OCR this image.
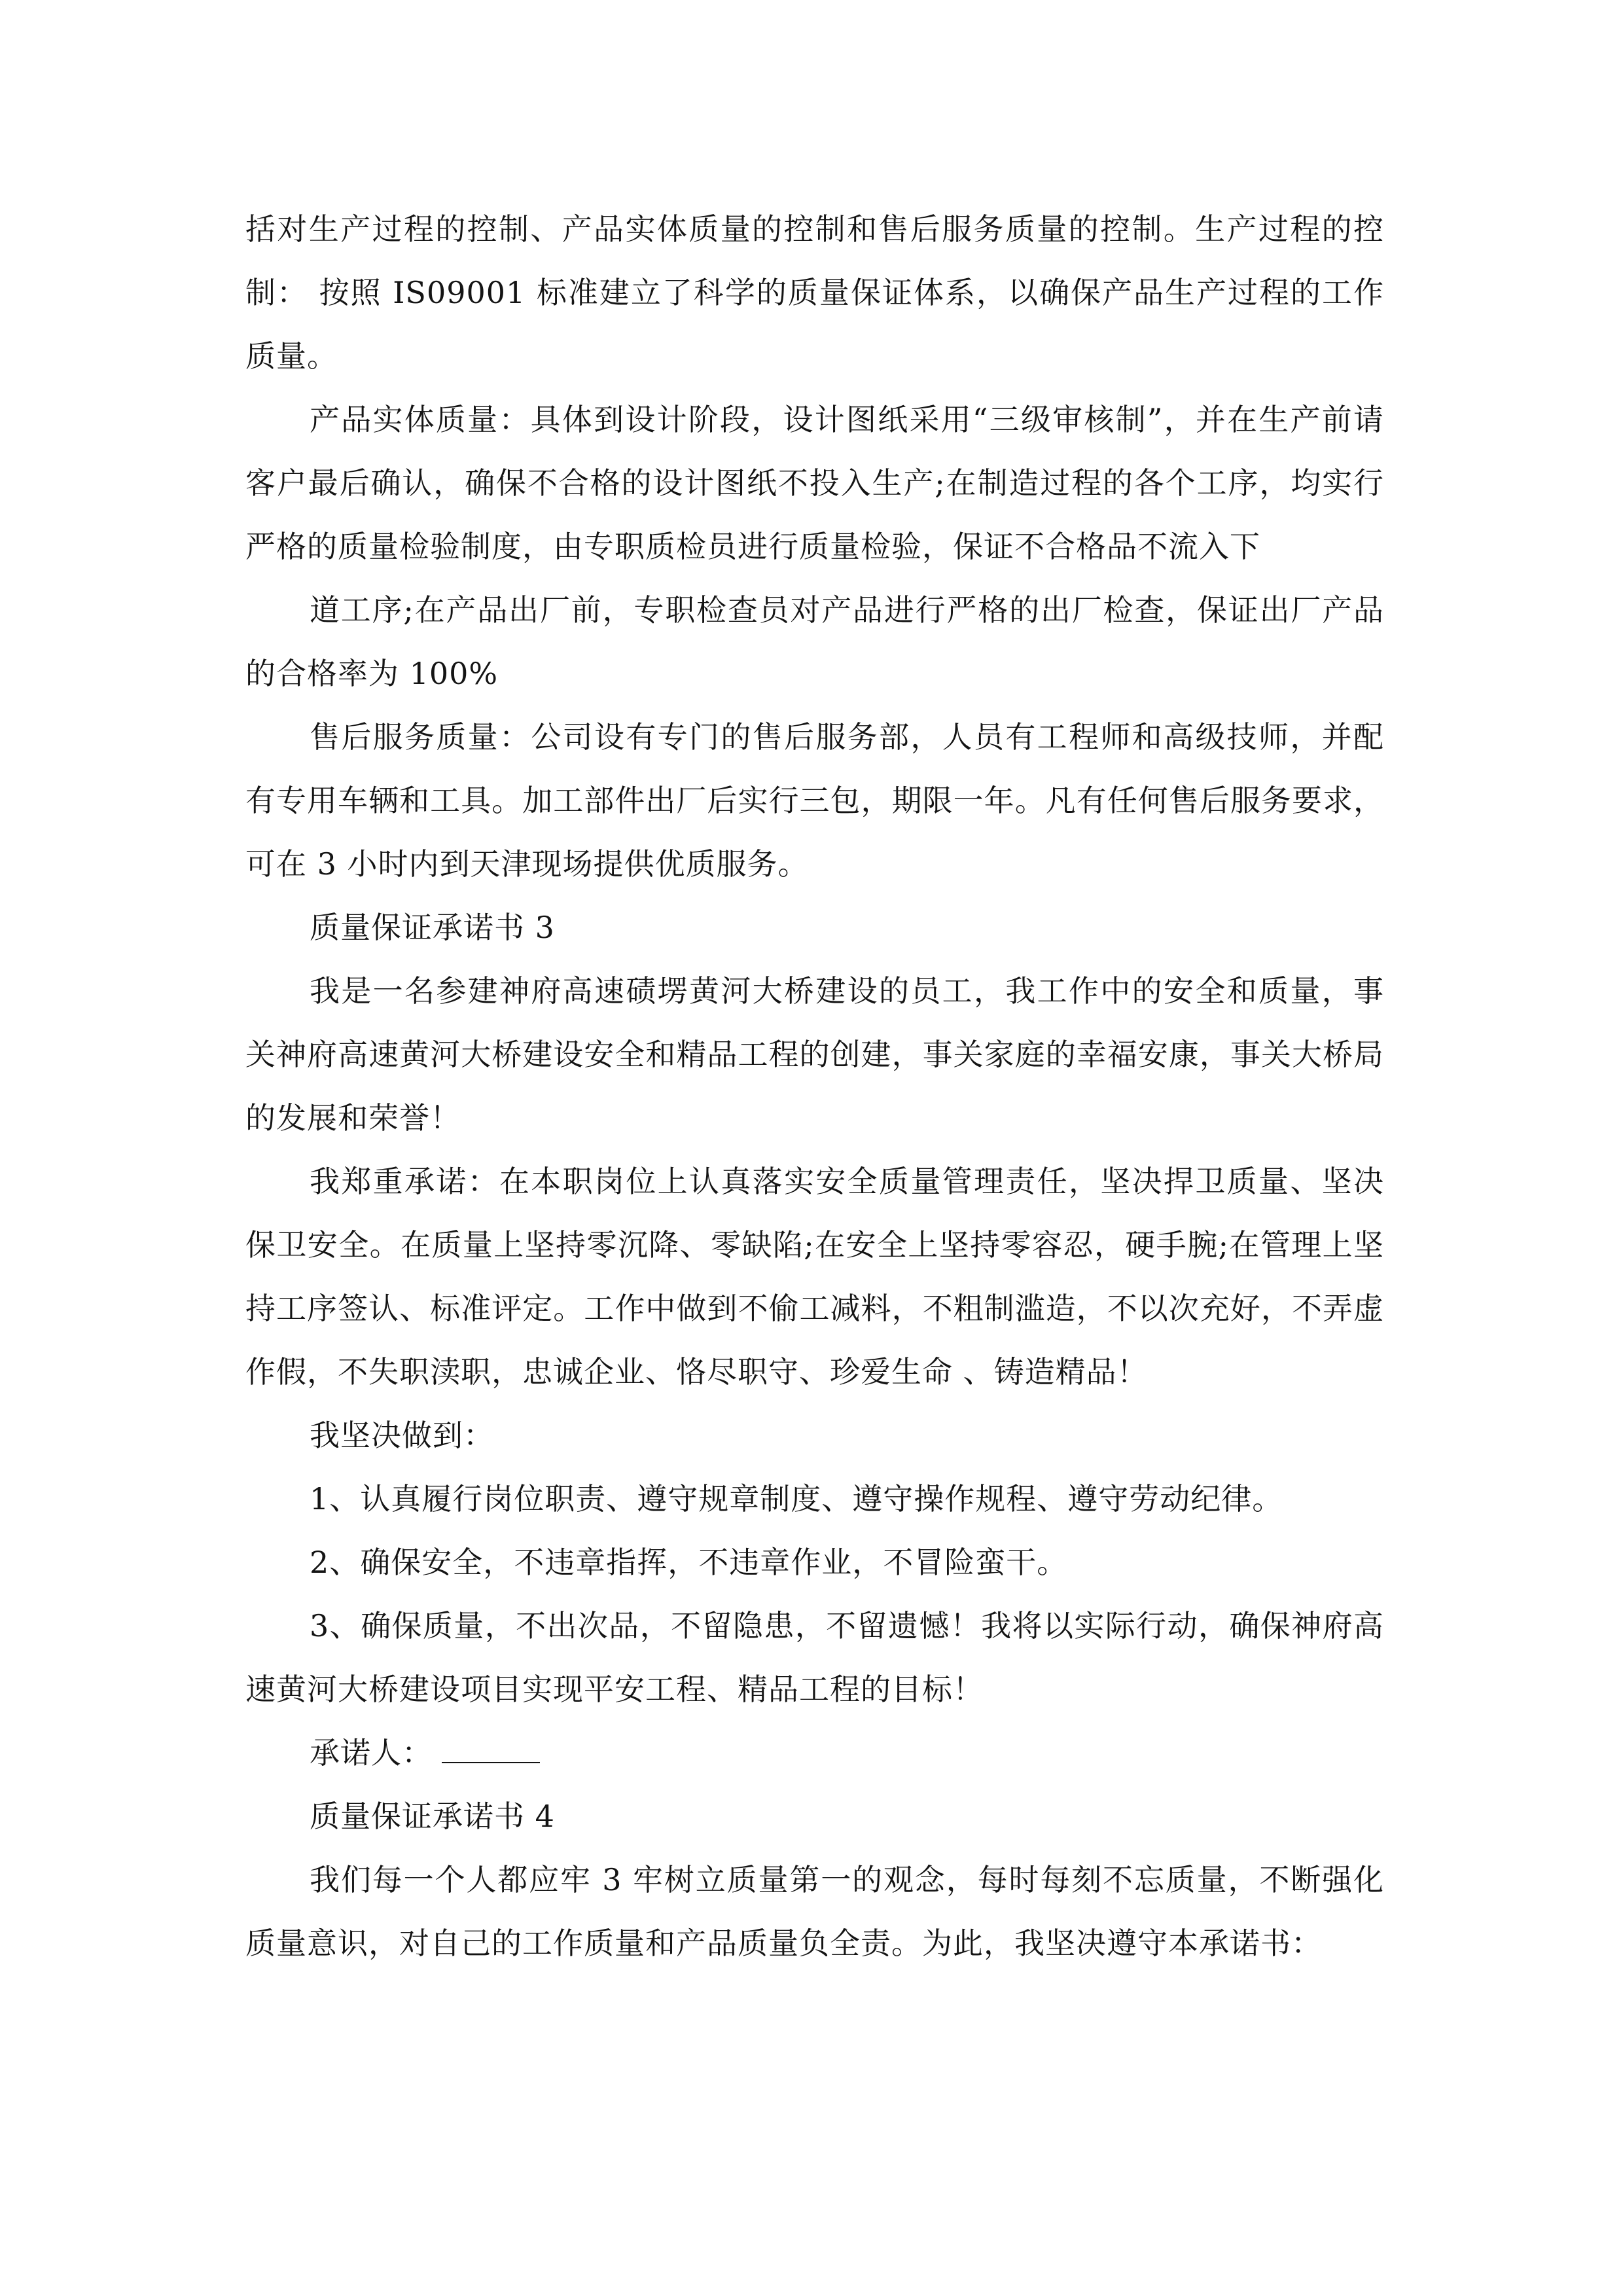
括对生产过程的控制、产品实体质量的控制和售后服务质量的控制。生产过程的控制： 按照 IS09001 标准建立了科学的质量保证体系，以确保产品生产过程的工作质量。

产品实体质量：具体到设计阶段，设计图纸采用“三级审核制”，并在生产前请客户最后确认，确保不合格的设计图纸不投入生产;在制造过程的各个工序，均实行严格的质量检验制度，由专职质检员进行质量检验，保证不合格品不流入下

道工序;在产品出厂前，专职检查员对产品进行严格的出厂检查，保证出厂产品的合格率为 100%

售后服务质量：公司设有专门的售后服务部，人员有工程师和高级技师，并配有专用车辆和工具。加工部件出厂后实行三包，期限一年。凡有任何售后服务要求，可在 3 小时内到天津现场提供优质服务。

质量保证承诺书 3

我是一名参建神府高速碛塄黄河大桥建设的员工，我工作中的安全和质量，事关神府高速黄河大桥建设安全和精品工程的创建，事关家庭的幸福安康，事关大桥局的发展和荣誉！

我郑重承诺：在本职岗位上认真落实安全质量管理责任，坚决捍卫质量、坚决保卫安全。在质量上坚持零沉降、零缺陷;在安全上坚持零容忍，硬手腕;在管理上坚持工序签认、标准评定。工作中做到不偷工减料，不粗制滥造，不以次充好，不弄虚作假，不失职渎职，忠诚企业、恪尽职守、珍爱生命 、铸造精品！

我坚决做到：

1、认真履行岗位职责、遵守规章制度、遵守操作规程、遵守劳动纪律。

2、确保安全，不违章指挥，不违章作业，不冒险蛮干。

3、确保质量，不出次品，不留隐患，不留遗憾！我将以实际行动，确保神府高速黄河大桥建设项目实现平安工程、精品工程的目标！

承诺人：

质量保证承诺书 4

我们每一个人都应牢 3 牢树立质量第一的观念，每时每刻不忘质量，不断强化质量意识，对自己的工作质量和产品质量负全责。为此，我坚决遵守本承诺书：
